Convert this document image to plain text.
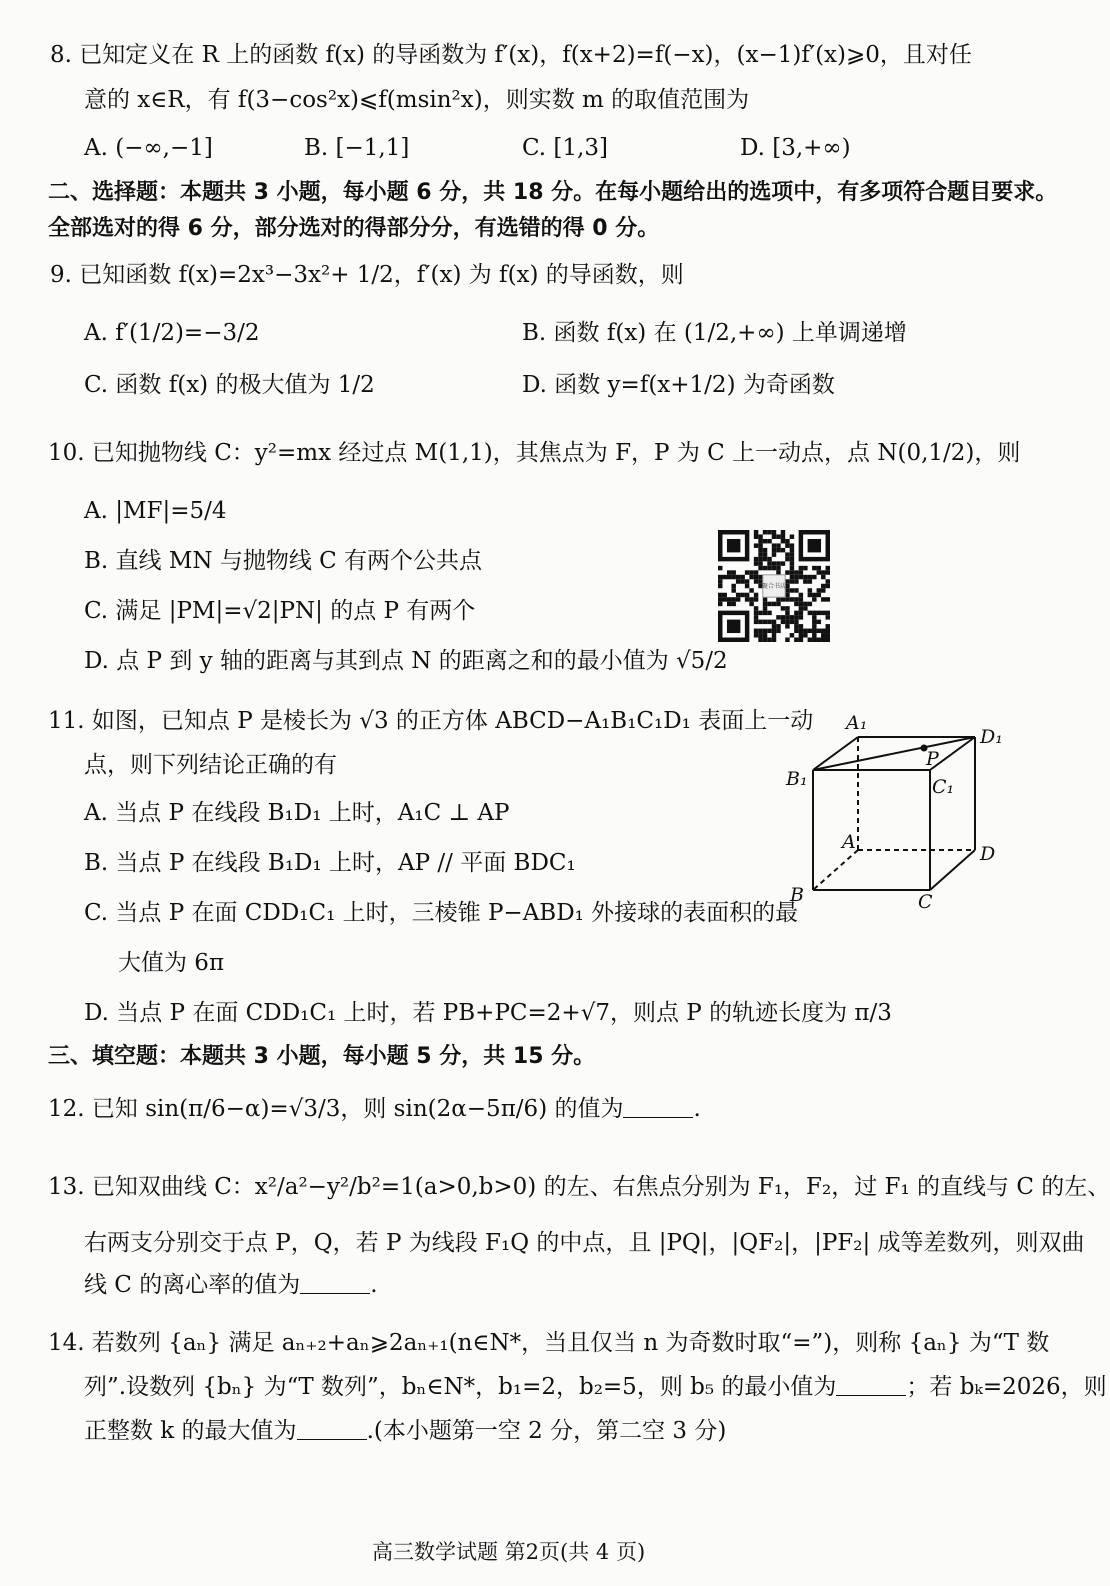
8. 已知定义在 R 上的函数 f(x) 的导函数为 f′(x)，f(x+2)=f(−x)，(x−1)f′(x)⩾0，且对任
意的 x∈R，有 f(3−cos²x)⩽f(msin²x)，则实数 m 的取值范围为
A. (−∞,−1]	B. [−1,1]	C. [1,3]	D. [3,+∞)
二、选择题：本题共 3 小题，每小题 6 分，共 18 分。在每小题给出的选项中，有多项符合题目要求。
全部选对的得 6 分，部分选对的得部分分，有选错的得 0 分。
9. 已知函数 f(x)=2x³−3x²+ 1/2，f′(x) 为 f(x) 的导函数，则
A. f′(1/2)=−3/2	B. 函数 f(x) 在 (1/2,+∞) 上单调递增
C. 函数 f(x) 的极大值为 1/2	D. 函数 y=f(x+1/2) 为奇函数
10. 已知抛物线 C：y²=mx 经过点 M(1,1)，其焦点为 F，P 为 C 上一动点，点 N(0,1/2)，则
A. |MF|=5/4
B. 直线 MN 与抛物线 C 有两个公共点
C. 满足 |PM|=√2|PN| 的点 P 有两个
D. 点 P 到 y 轴的距离与其到点 N 的距离之和的最小值为 √5/2
11. 如图，已知点 P 是棱长为 √3 的正方体 ABCD−A₁B₁C₁D₁ 表面上一动
点，则下列结论正确的有
A. 当点 P 在线段 B₁D₁ 上时，A₁C ⊥ AP
B. 当点 P 在线段 B₁D₁ 上时，AP // 平面 BDC₁
C. 当点 P 在面 CDD₁C₁ 上时，三棱锥 P−ABD₁ 外接球的表面积的最
大值为 6π
D. 当点 P 在面 CDD₁C₁ 上时，若 PB+PC=2+√7，则点 P 的轨迹长度为 π/3
三、填空题：本题共 3 小题，每小题 5 分，共 15 分。
12. 已知 sin(π/6−α)=√3/3，则 sin(2α−5π/6) 的值为	.
13. 已知双曲线 C：x²/a²−y²/b²=1(a>0,b>0) 的左、右焦点分别为 F₁，F₂，过 F₁ 的直线与 C 的左、
右两支分别交于点 P，Q，若 P 为线段 F₁Q 的中点，且 |PQ|，|QF₂|，|PF₂| 成等差数列，则双曲
线 C 的离心率的值为	.
14. 若数列 {aₙ} 满足 aₙ₊₂+aₙ⩾2aₙ₊₁(n∈N*，当且仅当 n 为奇数时取“=”)，则称 {aₙ} 为“T 数
列”.设数列 {bₙ} 为“T 数列”，bₙ∈N*，b₁=2，b₂=5，则 b₅ 的最小值为	；若 bₖ=2026，则
正整数 k 的最大值为	.(本小题第一空 2 分，第二空 3 分)
高三数学试题 第2页(共 4 页)
聚合书店
A₁
D₁
B₁
P
C₁
A
D
B	C
